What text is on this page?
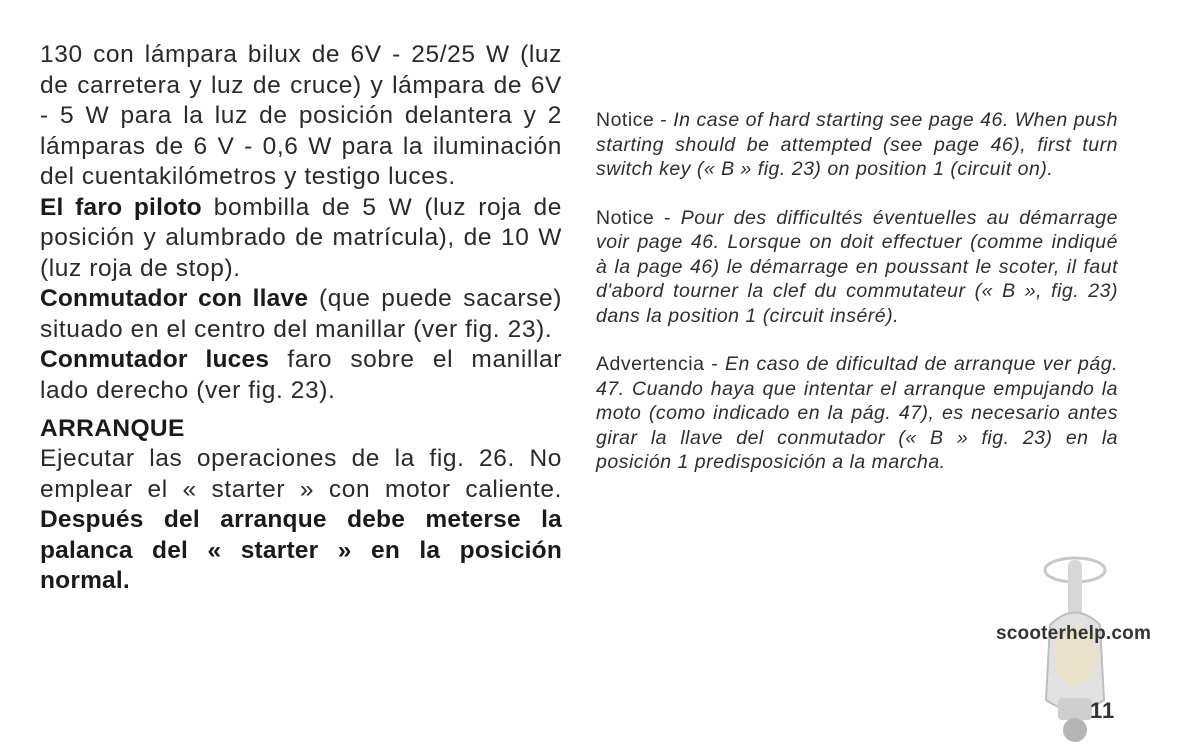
130 con lámpara bilux de 6V - 25/25 W (luz de carretera y luz de cruce) y lámpara de 6V - 5 W para la luz de posición delantera y 2 lámparas de 6 V - 0,6 W para la iluminación del cuentakilómetros y testigo luces.

El faro piloto bombilla de 5 W (luz roja de posición y alumbrado de matrícula), de 10 W (luz roja de stop).

Conmutador con llave (que puede sacarse) situado en el centro del manillar (ver fig. 23).

Conmutador luces faro sobre el manillar lado derecho (ver fig. 23).

ARRANQUE

Ejecutar las operaciones de la fig. 26. No emplear el « starter » con motor caliente. Después del arranque debe meterse la palanca del « starter » en la posición normal.

Notice - In case of hard starting see page 46. When push starting should be attempted (see page 46), first turn switch key (« B » fig. 23) on position 1 (circuit on).

Notice - Pour des difficultés éventuelles au démarrage voir page 46. Lorsque on doit effectuer (comme indiqué à la page 46) le démarrage en poussant le scoter, il faut d'abord tourner la clef du commutateur (« B », fig. 23) dans la position 1 (circuit inséré).

Advertencia - En caso de dificultad de arranque ver pág. 47. Cuando haya que intentar el arranque empujando la moto (como indicado en la pág. 47), es necesario antes girar la llave del conmutador (« B » fig. 23) en la posición 1 predisposición a la marcha.

scooterhelp.com
11
